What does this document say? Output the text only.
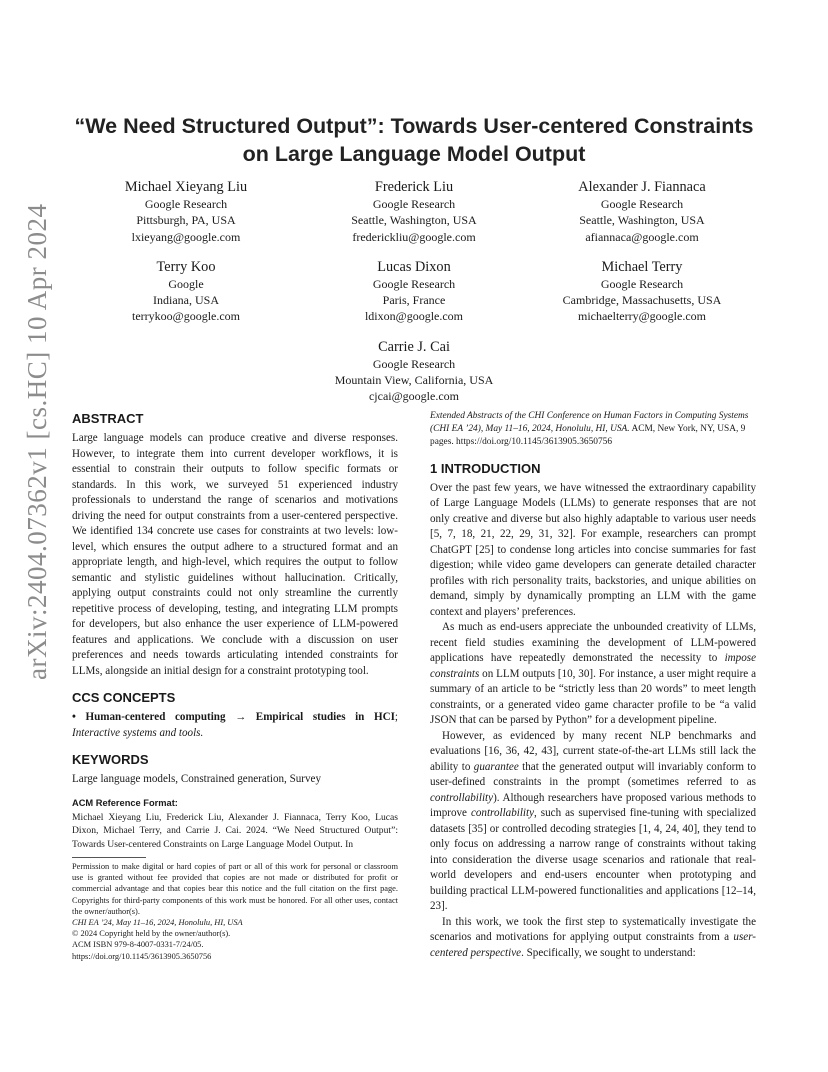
arXiv:2404.07362v1 [cs.HC] 10 Apr 2024
“We Need Structured Output”: Towards User-centered Constraints on Large Language Model Output
Michael Xieyang Liu
Google Research
Pittsburgh, PA, USA
lxieyang@google.com
Frederick Liu
Google Research
Seattle, Washington, USA
frederickliu@google.com
Alexander J. Fiannaca
Google Research
Seattle, Washington, USA
afiannaca@google.com
Terry Koo
Google
Indiana, USA
terrykoo@google.com
Lucas Dixon
Google Research
Paris, France
ldixon@google.com
Michael Terry
Google Research
Cambridge, Massachusetts, USA
michaelterry@google.com
Carrie J. Cai
Google Research
Mountain View, California, USA
cjcai@google.com
ABSTRACT

Large language models can produce creative and diverse responses. However, to integrate them into current developer workflows, it is essential to constrain their outputs to follow specific formats or standards. In this work, we surveyed 51 experienced industry professionals to understand the range of scenarios and motivations driving the need for output constraints from a user-centered perspective. We identified 134 concrete use cases for constraints at two levels: low-level, which ensures the output adhere to a structured format and an appropriate length, and high-level, which requires the output to follow semantic and stylistic guidelines without hallucination. Critically, applying output constraints could not only streamline the currently repetitive process of developing, testing, and integrating LLM prompts for developers, but also enhance the user experience of LLM-powered features and applications. We conclude with a discussion on user preferences and needs towards articulating intended constraints for LLMs, alongside an initial design for a constraint prototyping tool.

CCS CONCEPTS

• Human-centered computing → Empirical studies in HCI; Interactive systems and tools.

KEYWORDS

Large language models, Constrained generation, Survey

ACM Reference Format:

Michael Xieyang Liu, Frederick Liu, Alexander J. Fiannaca, Terry Koo, Lucas Dixon, Michael Terry, and Carrie J. Cai. 2024. “We Need Structured Output”: Towards User-centered Constraints on Large Language Model Output. In

Permission to make digital or hard copies of part or all of this work for personal or classroom use is granted without fee provided that copies are not made or distributed for profit or commercial advantage and that copies bear this notice and the full citation on the first page. Copyrights for third-party components of this work must be honored. For all other uses, contact the owner/author(s).

CHI EA ’24, May 11–16, 2024, Honolulu, HI, USA

© 2024 Copyright held by the owner/author(s).

ACM ISBN 979-8-4007-0331-7/24/05.

https://doi.org/10.1145/3613905.3650756

Extended Abstracts of the CHI Conference on Human Factors in Computing Systems (CHI EA ’24), May 11–16, 2024, Honolulu, HI, USA. ACM, New York, NY, USA, 9 pages. https://doi.org/10.1145/3613905.3650756

1 INTRODUCTION

Over the past few years, we have witnessed the extraordinary capability of Large Language Models (LLMs) to generate responses that are not only creative and diverse but also highly adaptable to various user needs [5, 7, 18, 21, 22, 29, 31, 32]. For example, researchers can prompt ChatGPT [25] to condense long articles into concise summaries for fast digestion; while video game developers can generate detailed character profiles with rich personality traits, backstories, and unique abilities on demand, simply by dynamically prompting an LLM with the game context and players’ preferences.

As much as end-users appreciate the unbounded creativity of LLMs, recent field studies examining the development of LLM-powered applications have repeatedly demonstrated the necessity to impose constraints on LLM outputs [10, 30]. For instance, a user might require a summary of an article to be “strictly less than 20 words” to meet length constraints, or a generated video game character profile to be “a valid JSON that can be parsed by Python” for a development pipeline.

However, as evidenced by many recent NLP benchmarks and evaluations [16, 36, 42, 43], current state-of-the-art LLMs still lack the ability to guarantee that the generated output will invariably conform to user-defined constraints in the prompt (sometimes referred to as controllability). Although researchers have proposed various methods to improve controllability, such as supervised fine-tuning with specialized datasets [35] or controlled decoding strategies [1, 4, 24, 40], they tend to only focus on addressing a narrow range of constraints without taking into consideration the diverse usage scenarios and rationale that real-world developers and end-users encounter when prototyping and building practical LLM-powered functionalities and applications [12–14, 23].

In this work, we took the first step to systematically investigate the scenarios and motivations for applying output constraints from a user-centered perspective. Specifically, we sought to understand:
